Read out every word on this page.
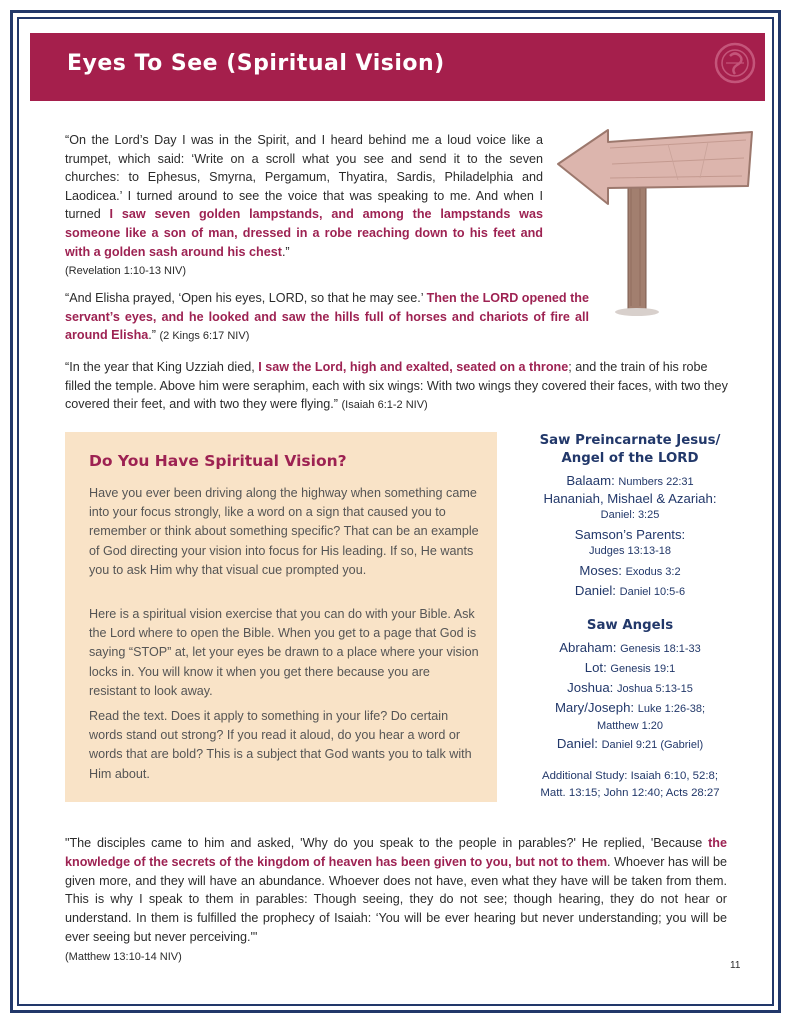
Eyes To See (Spiritual Vision)
“On the Lord’s Day I was in the Spirit, and I heard behind me a loud voice like a trumpet, which said: ‘Write on a scroll what you see and send it to the seven churches: to Ephesus, Smyrna, Pergamum, Thyatira, Sardis, Philadelphia and Laodicea.’ I turned around to see the voice that was speaking to me. And when I turned I saw seven golden lampstands, and among the lampstands was someone like a son of man, dressed in a robe reaching down to his feet and with a golden sash around his chest.”
(Revelation 1:10-13 NIV)
“And Elisha prayed, ‘Open his eyes, LORD, so that he may see.’ Then the LORD opened the servant’s eyes, and he looked and saw the hills full of horses and chariots of fire all around Elisha.” (2 Kings 6:17 NIV)
“In the year that King Uzziah died, I saw the Lord, high and exalted, seated on a throne; and the train of his robe filled the temple. Above him were seraphim, each with six wings: With two wings they covered their faces, with two they covered their feet, and with two they were flying.” (Isaiah 6:1-2 NIV)
Do You Have Spiritual Vision?
Have you ever been driving along the highway when something came into your focus strongly, like a word on a sign that caused you to remember or think about something specific? That can be an example of God directing your vision into focus for His leading. If so, He wants you to ask Him why that visual cue prompted you.
Here is a spiritual vision exercise that you can do with your Bible. Ask the Lord where to open the Bible. When you get to a page that God is saying “STOP” at, let your eyes be drawn to a place where your vision locks in. You will know it when you get there because you are resistant to look away.
Read the text. Does it apply to something in your life? Do certain words stand out strong? If you read it aloud, do you hear a word or words that are bold? This is a subject that God wants you to talk with Him about.
Saw Preincarnate Jesus/
Angel of the LORD
Balaam: Numbers 22:31
Hananiah, Mishael & Azariah:
Daniel: 3:25
Samson’s Parents:
Judges 13:13-18
Moses: Exodus 3:2
Daniel: Daniel 10:5-6
Saw Angels
Abraham: Genesis 18:1-33
Lot: Genesis 19:1
Joshua: Joshua 5:13-15
Mary/Joseph: Luke 1:26-38;
Matthew 1:20
Daniel: Daniel 9:21 (Gabriel)
Additional Study: Isaiah 6:10, 52:8;
Matt. 13:15; John 12:40; Acts 28:27
"The disciples came to him and asked, 'Why do you speak to the people in parables?' He replied, 'Because the knowledge of the secrets of the kingdom of heaven has been given to you, but not to them. Whoever has will be given more, and they will have an abundance. Whoever does not have, even what they have will be taken from them. This is why I speak to them in parables: Though seeing, they do not see; though hearing, they do not hear or understand. In them is fulfilled the prophecy of Isaiah: ‘You will be ever hearing but never understanding; you will be ever seeing but never perceiving.'"
(Matthew 13:10-14 NIV)
11
